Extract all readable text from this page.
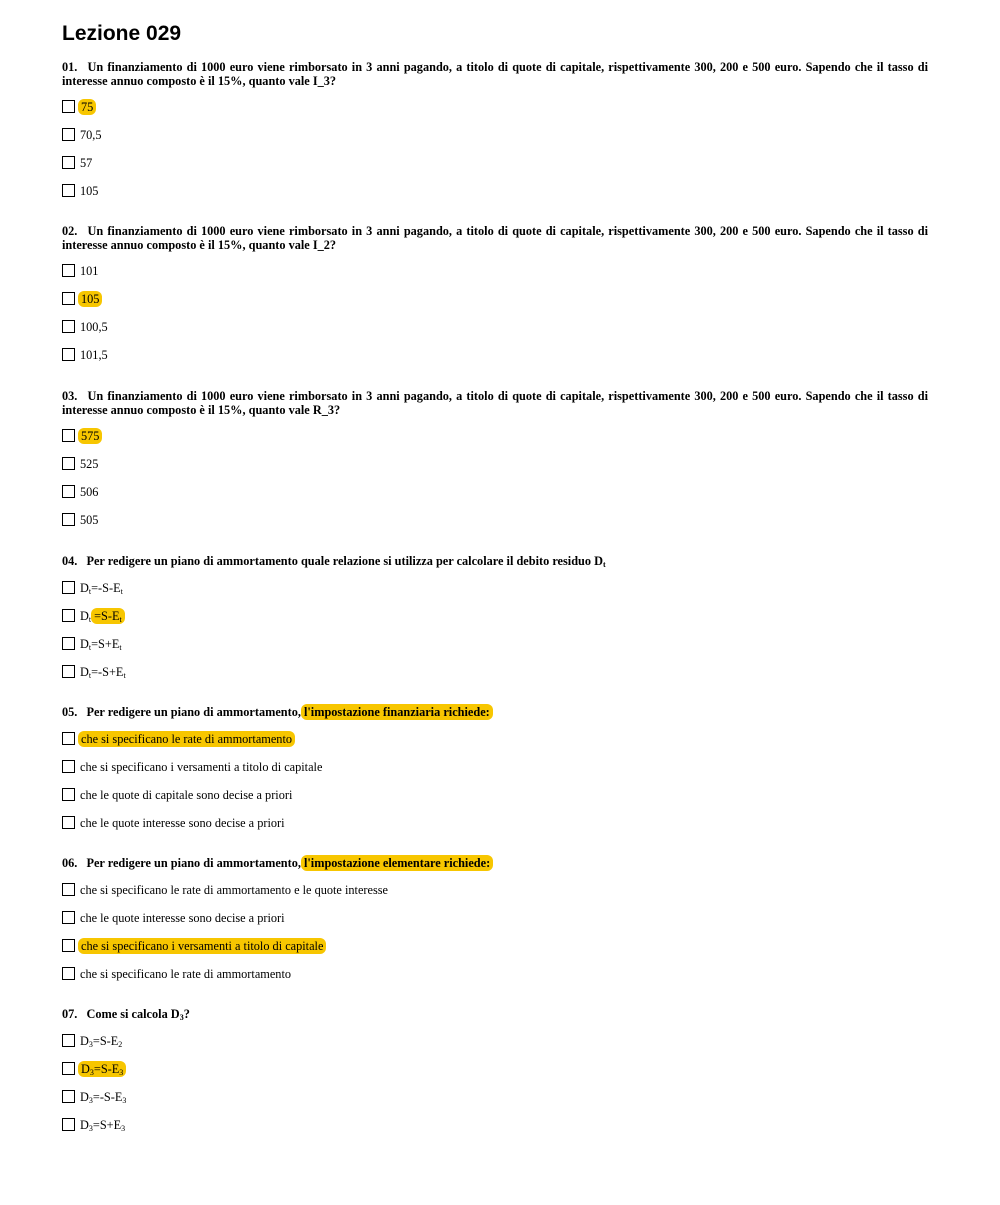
Lezione 029

01. Un finanziamento di 1000 euro viene rimborsato in 3 anni pagando, a titolo di quote di capitale, rispettivamente 300, 200 e 500 euro. Sapendo che il tasso di interesse annuo composto è il 15%, quanto vale I_3?

75
70,5
57
105

02. Un finanziamento di 1000 euro viene rimborsato in 3 anni pagando, a titolo di quote di capitale, rispettivamente 300, 200 e 500 euro. Sapendo che il tasso di interesse annuo composto è il 15%, quanto vale I_2?

101
105
100,5
101,5

03. Un finanziamento di 1000 euro viene rimborsato in 3 anni pagando, a titolo di quote di capitale, rispettivamente 300, 200 e 500 euro. Sapendo che il tasso di interesse annuo composto è il 15%, quanto vale R_3?

575
525
506
505

04. Per redigere un piano di ammortamento quale relazione si utilizza per calcolare il debito residuo $D_t$

$D_t=-S-E_t$
$D_t =S-E_t$
$D_t=S+E_t$
$D_t=-S+E_t$

05. Per redigere un piano di ammortamento, l'impostazione finanziaria richiede:

che si specificano le rate di ammortamento
che si specificano i versamenti a titolo di capitale
che le quote di capitale sono decise a priori
che le quote interesse sono decise a priori

06. Per redigere un piano di ammortamento, l'impostazione elementare richiede:

che si specificano le rate di ammortamento e le quote interesse
che le quote interesse sono decise a priori
che si specificano i versamenti a titolo di capitale
che si specificano le rate di ammortamento

07. Come si calcola $D_3$?

$D_3=S-E_2$
$D_3=S-E_3$
$D_3=-S-E_3$
$D_3=S+E_3$
